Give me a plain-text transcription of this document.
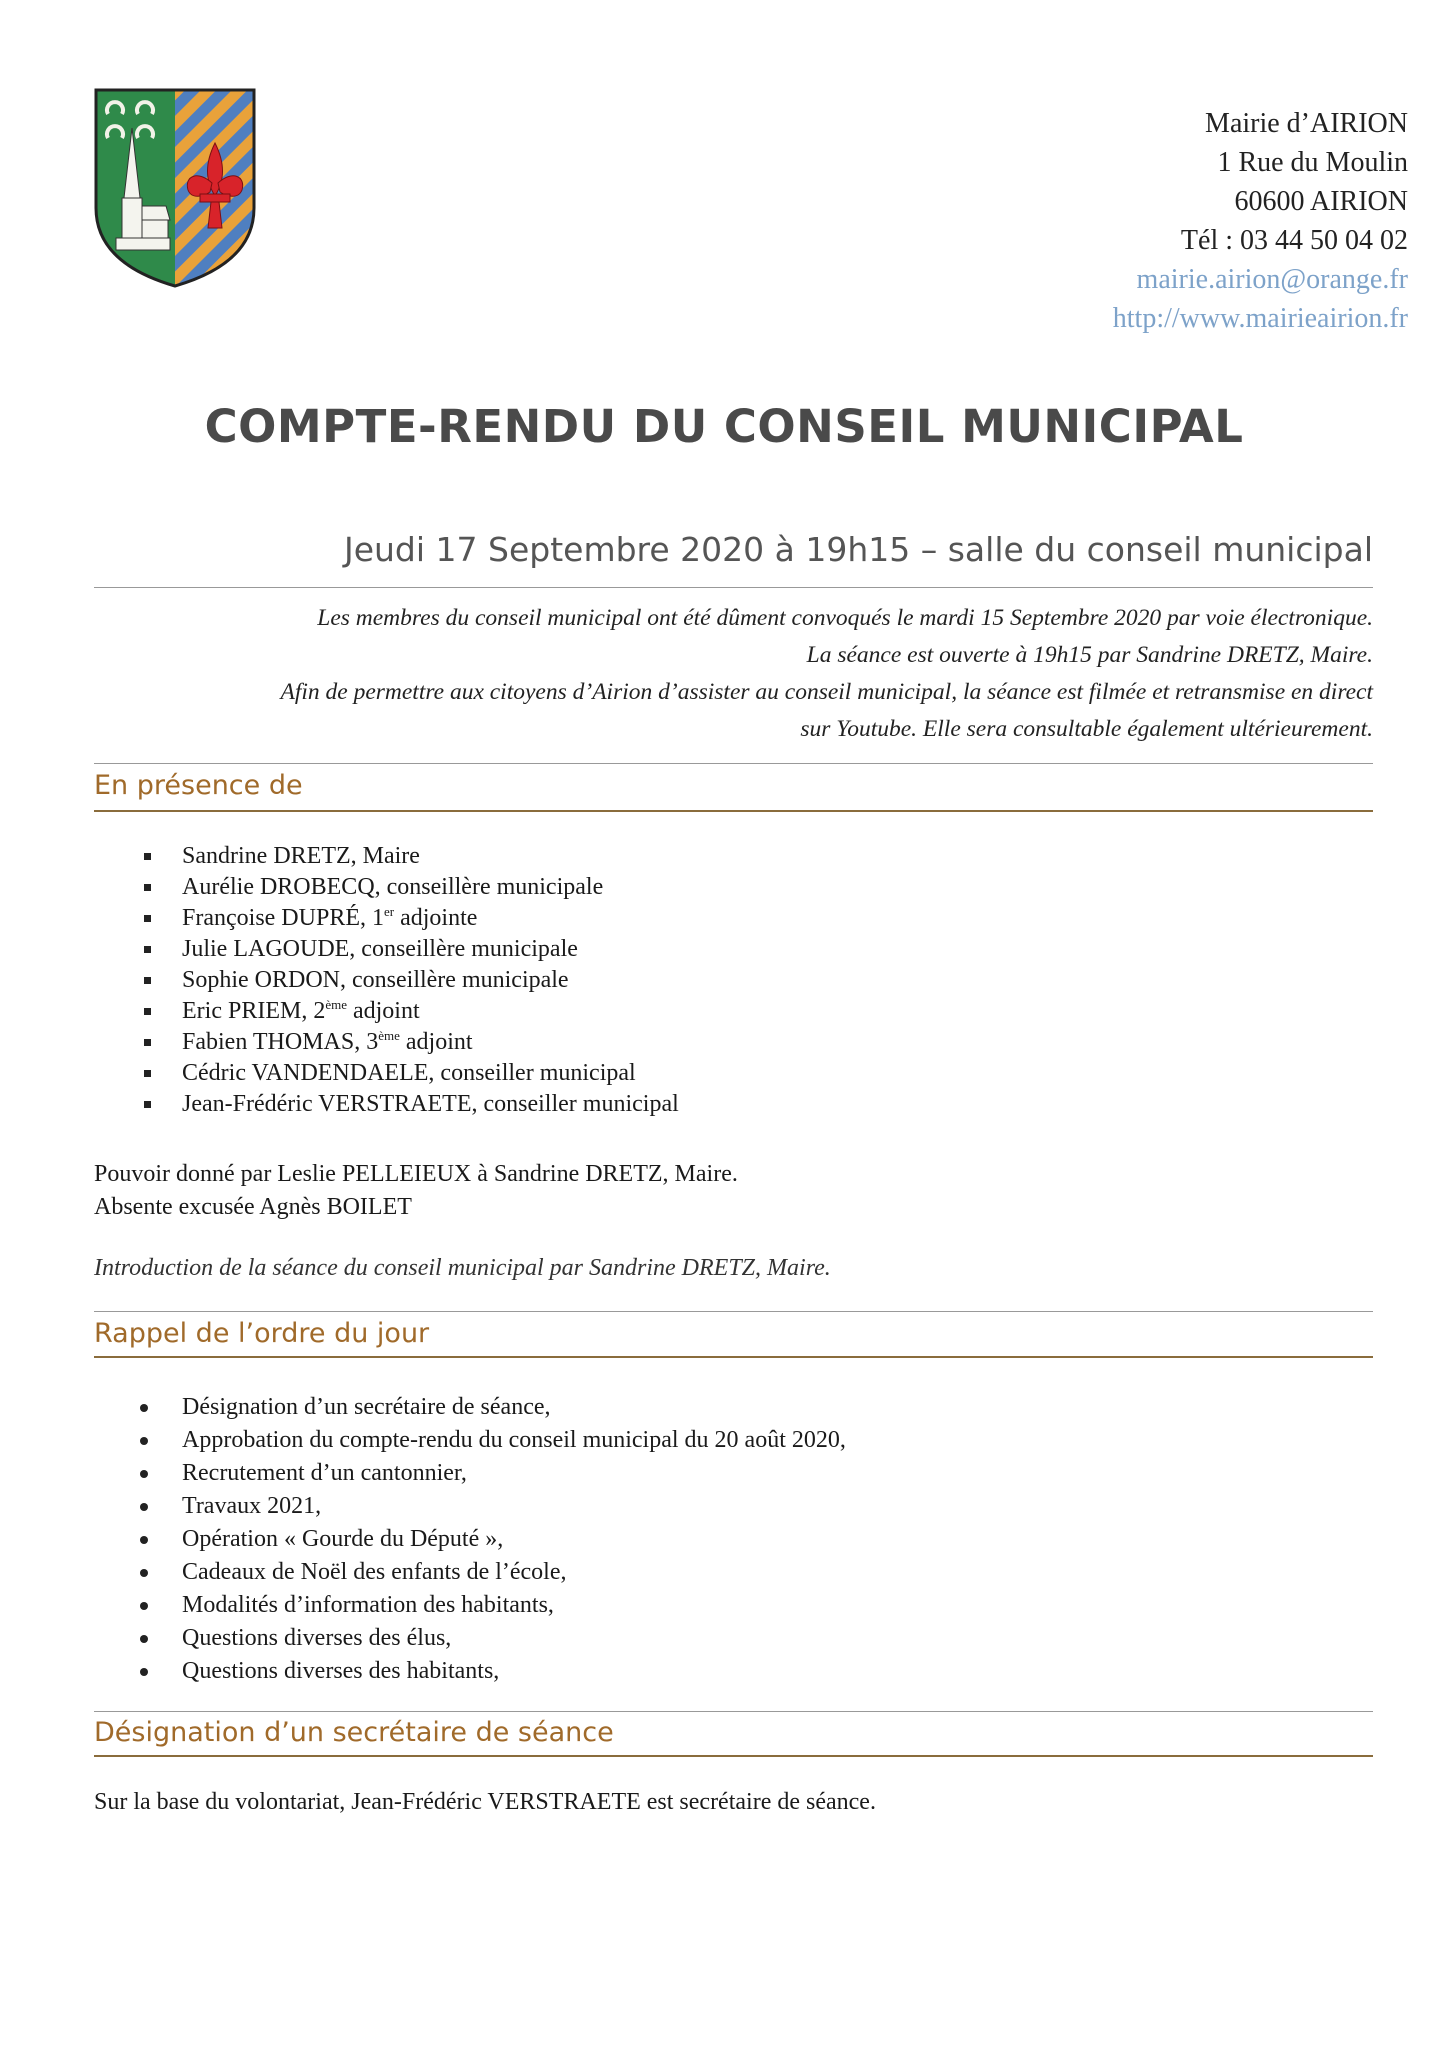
Mairie d’AIRION
1 Rue du Moulin
60600 AIRION
Tél : 03 44 50 04 02
mairie.airion@orange.fr
http://www.mairieairion.fr
COMPTE-RENDU DU CONSEIL MUNICIPAL
Jeudi 17 Septembre 2020 à 19h15 – salle du conseil municipal
Les membres du conseil municipal ont été dûment convoqués le mardi 15 Septembre 2020 par voie électronique.
La séance est ouverte à 19h15 par Sandrine DRETZ, Maire.
Afin de permettre aux citoyens d’Airion d’assister au conseil municipal, la séance est filmée et retransmise en direct
sur Youtube. Elle sera consultable également ultérieurement.
En présence de
Sandrine DRETZ, Maire
Aurélie DROBECQ, conseillère municipale
Françoise DUPRÉ, 1er adjointe
Julie LAGOUDE, conseillère municipale
Sophie ORDON, conseillère municipale
Eric PRIEM, 2ème adjoint
Fabien THOMAS, 3ème adjoint
Cédric VANDENDAELE, conseiller municipal
Jean-Frédéric VERSTRAETE, conseiller municipal
Pouvoir donné par Leslie PELLEIEUX à Sandrine DRETZ, Maire.
Absente excusée Agnès BOILET
Introduction de la séance du conseil municipal par Sandrine DRETZ, Maire.
Rappel de l’ordre du jour
Désignation d’un secrétaire de séance,
Approbation du compte-rendu du conseil municipal du 20 août 2020,
Recrutement d’un cantonnier,
Travaux 2021,
Opération « Gourde du Député »,
Cadeaux de Noël des enfants de l’école,
Modalités d’information des habitants,
Questions diverses des élus,
Questions diverses des habitants,
Désignation d’un secrétaire de séance
Sur la base du volontariat, Jean-Frédéric VERSTRAETE est secrétaire de séance.
